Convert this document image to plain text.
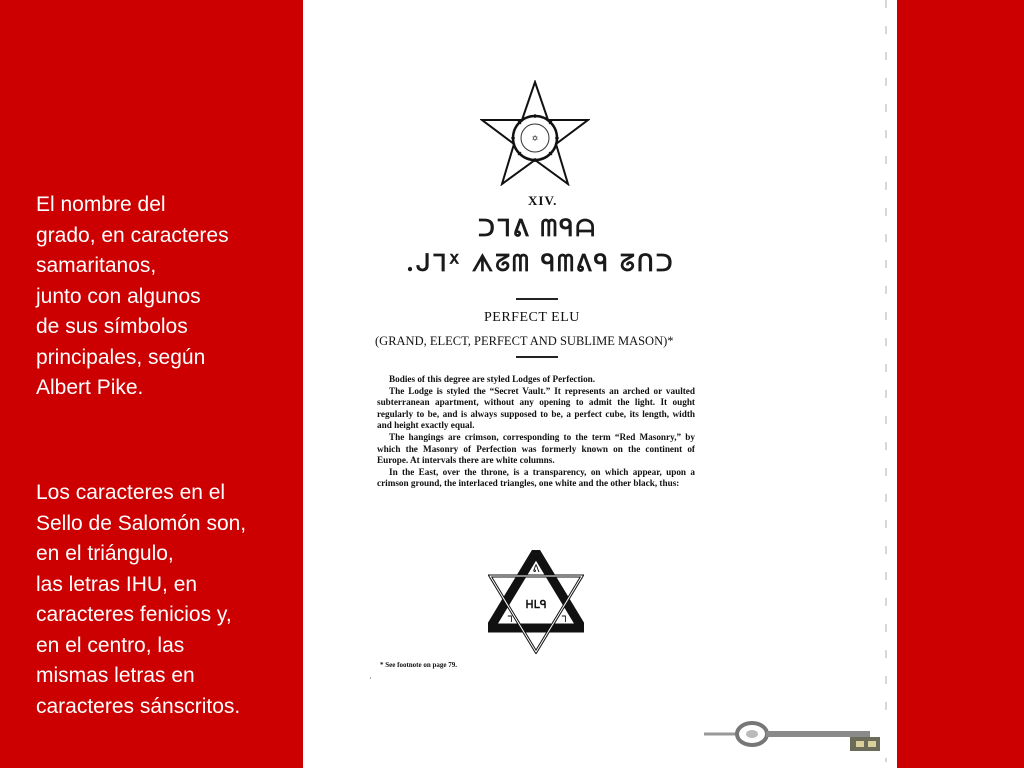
El nombre del
grado, en caracteres
samaritanos,
junto con algunos
de sus símbolos
principales, según
Albert Pike.
Los caracteres en el
Sello de Salomón son,
en el triángulo,
las letras IHU, en
caracteres fenicios y,
en el centro, las
mismas letras en
caracteres sánscritos.
✡
XIV.
ᑐᒣᕕ ᗰᑫᗩ
.ᒍᒣᕽ ᗑᘔᗰ ᑫᗰᕕᑫ ᘔᑎᑐ
PERFECT ELU
(GRAND, ELECT, PERFECT AND SUBLIME MASON)*

Bodies of this degree are styled Lodges of Perfection.

The Lodge is styled the “Secret Vault.” It represents an arched or vaulted subterranean apartment, without any opening to admit the light. It ought regularly to be, and is always supposed to be, a perfect cube, its length, width and height exactly equal.

The hangings are crimson, corresponding to the term “Red Masonry,” by which the Masonry of Perfection was formerly known on the continent of Europe. At intervals there are white columns.

In the East, over the throne, is a transparency, on which appear, upon a crimson ground, the interlaced triangles, one white and the other black, thus:

ᕕ
ᕼᒪᑫ
ᒣ	ᒣ
* See footnote on page 79.
·
